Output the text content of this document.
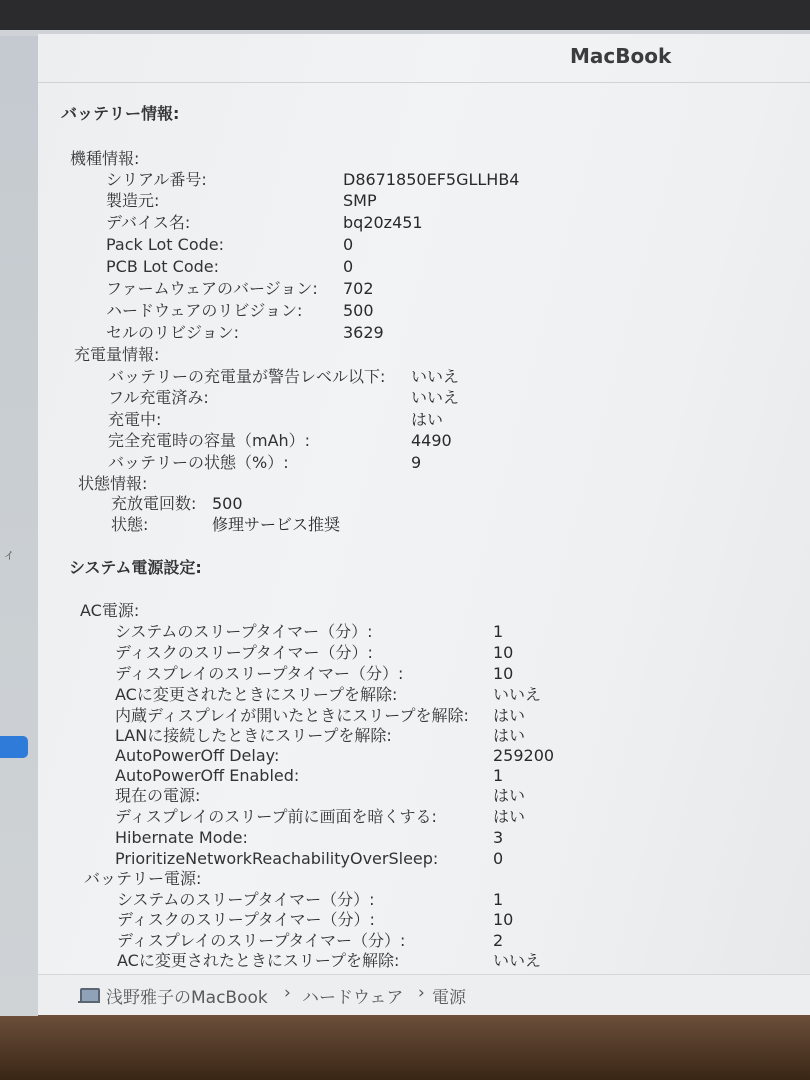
ィ
MacBook
バッテリー情報:
機種情報:
シリアル番号:	D8671850EF5GLLHB4
製造元:	SMP
デバイス名:	bq20z451
Pack Lot Code:	0
PCB Lot Code:	0
ファームウェアのバージョン: 702
ハードウェアのリビジョン:	500
セルのリビジョン:	3629
充電量情報:
バッテリーの充電量が警告レベル以下: いいえ
フル充電済み:	いいえ
充電中:	はい
完全充電時の容量（mAh）:	4490
バッテリーの状態（%）:	9
状態情報:
充放電回数: 500
状態:	修理サービス推奨
システム電源設定:
AC電源:
システムのスリープタイマー（分）:	1
ディスクのスリープタイマー（分）:	10
ディスプレイのスリープタイマー（分）:	10
ACに変更されたときにスリープを解除:	いいえ
内蔵ディスプレイが開いたときにスリープを解除: はい
LANに接続したときにスリープを解除:	はい
AutoPowerOff Delay:	259200
AutoPowerOff Enabled:	1
現在の電源:	はい
ディスプレイのスリープ前に画面を暗くする:	はい
Hibernate Mode:	3
PrioritizeNetworkReachabilityOverSleep:	0
バッテリー電源:
システムのスリープタイマー（分）:	1
ディスクのスリープタイマー（分）:	10
ディスプレイのスリープタイマー（分）:	2
ACに変更されたときにスリープを解除:	いいえ
浅野雅子のMacBook › ハードウェア › 電源
